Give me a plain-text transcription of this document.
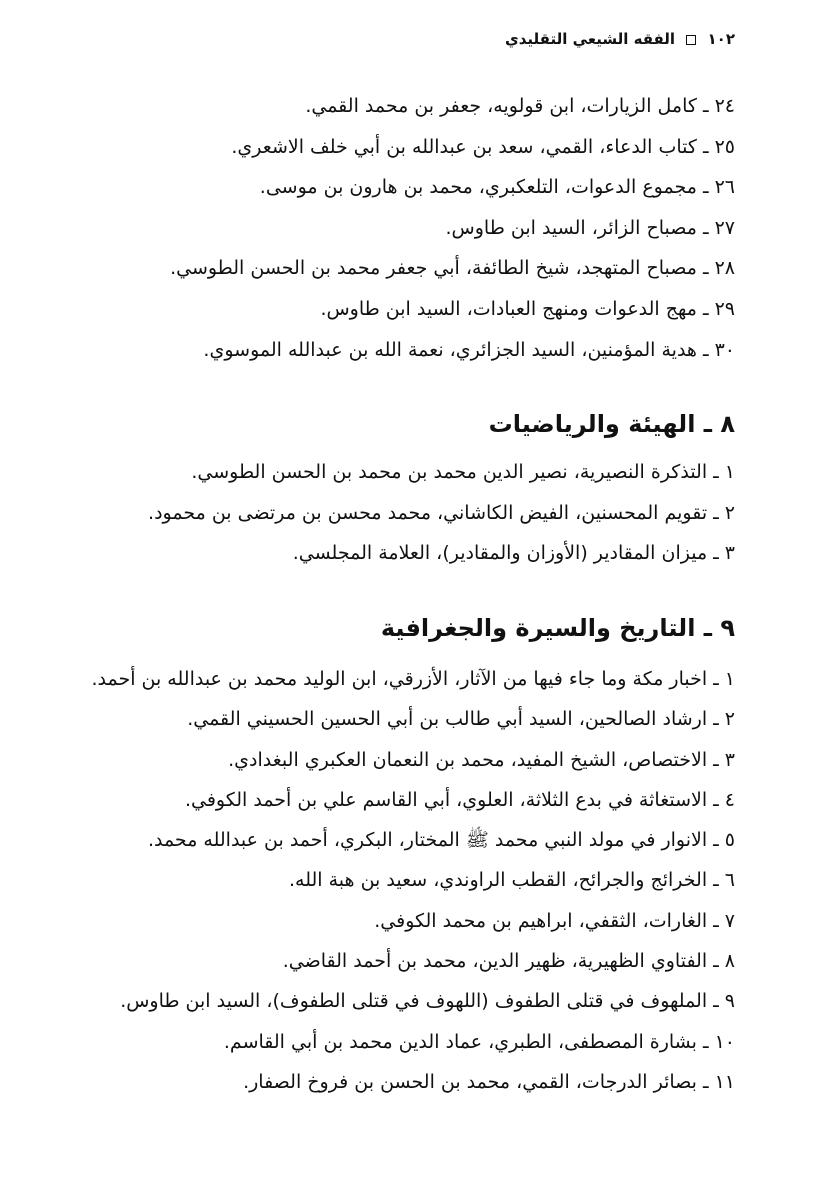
١٠٢  الفقه الشيعي التقليدي
٢٤ ـ كامل الزيارات، ابن قولويه، جعفر بن محمد القمي.
٢٥ ـ كتاب الدعاء، القمي، سعد بن عبدالله بن أبي خلف الاشعري.
٢٦ ـ مجموع الدعوات، التلعكبري، محمد بن هارون بن موسى.
٢٧ ـ مصباح الزائر، السيد ابن طاوس.
٢٨ ـ مصباح المتهجد، شيخ الطائفة، أبي جعفر محمد بن الحسن الطوسي.
٢٩ ـ مهج الدعوات ومنهج العبادات، السيد ابن طاوس.
٣٠ ـ هدية المؤمنين، السيد الجزائري، نعمة الله بن عبدالله الموسوي.
٨ ـ الهيئة والرياضيات
١ ـ التذكرة النصيرية، نصير الدين محمد بن محمد بن الحسن الطوسي.
٢ ـ تقويم المحسنين، الفيض الكاشاني، محمد محسن بن مرتضى بن محمود.
٣ ـ ميزان المقادير (الأوزان والمقادير)، العلامة المجلسي.
٩ ـ التاريخ والسيرة والجغرافية
١ ـ اخبار مكة وما جاء فيها من الآثار، الأزرقي، ابن الوليد محمد بن عبدالله بن أحمد.
٢ ـ ارشاد الصالحين، السيد أبي طالب بن أبي الحسين الحسيني القمي.
٣ ـ الاختصاص، الشيخ المفيد، محمد بن النعمان العكبري البغدادي.
٤ ـ الاستغاثة في بدع الثلاثة، العلوي، أبي القاسم علي بن أحمد الكوفي.
٥ ـ الانوار في مولد النبي محمد ﷺ المختار، البكري، أحمد بن عبدالله محمد.
٦ ـ الخرائج والجرائح، القطب الراوندي، سعيد بن هبة الله.
٧ ـ الغارات، الثقفي، ابراهيم بن محمد الكوفي.
٨ ـ الفتاوي الظهيرية، ظهير الدين، محمد بن أحمد القاضي.
٩ ـ الملهوف في قتلى الطفوف (اللهوف في قتلى الطفوف)، السيد ابن طاوس.
١٠ ـ بشارة المصطفى، الطبري، عماد الدين محمد بن أبي القاسم.
١١ ـ بصائر الدرجات، القمي، محمد بن الحسن بن فروخ الصفار.
